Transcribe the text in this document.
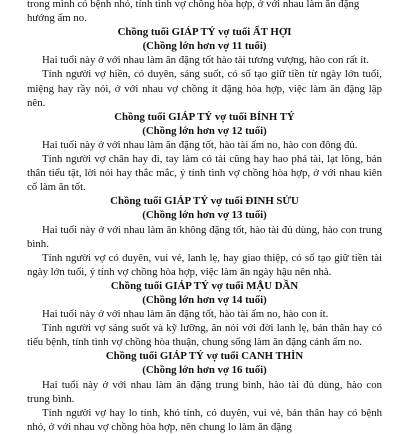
trong mình có bệnh nhỏ, tính tình vợ chồng hòa hợp, ở với nhau làm ăn đặng
hướng ấm no.
Chồng tuổi GIÁP TÝ vợ tuổi ẤT HỢI
(Chồng lớn hơn vợ 11 tuổi)

Hai tuổi này ở với nhau làm ăn đặng tốt hào tài tương vượng, hào con rất ít.

Tính người vợ hiền, có duyên, sáng suốt, có số tạo giữ tiền từ ngày lớn tuổi, miệng hay rầy nói, ở với nhau vợ chồng ít đặng hòa hợp, việc làm ăn đặng lập nên.

Chồng tuổi GIÁP TÝ vợ tuổi BÍNH TÝ
(Chồng lớn hơn vợ 12 tuổi)

Hai tuổi này ở với nhau làm ăn đặng tốt, hào tài ấm no, hào con đông đủ.

Tính người vợ chân hay đi, tay làm có tài cũng hay hao phá tài, lạt lõng, bản thân tiểu tật, lời nói hay thắc mắc, ý tính tình vợ chồng hòa hợp, ở với nhau kiên cố làm ăn tốt.

Chồng tuổi GIÁP TÝ vợ tuổi ĐINH SỬU
(Chồng lớn hơn vợ 13 tuổi)

Hai tuổi này ở với nhau làm ăn không đặng tốt, hào tài đủ dùng, hào con trung bình.

Tính người vợ có duyên, vui vẻ, lanh lẹ, hay giao thiệp, có số tạo giữ tiền tài ngày lớn tuổi, ý tính vợ chồng hòa hợp, việc làm ăn ngày hậu nên nhà.

Chồng tuổi GIÁP TÝ vợ tuổi MẬU DẦN
(Chồng lớn hơn vợ 14 tuổi)

Hai tuổi này ở với nhau làm ăn đặng tốt, hào tài ấm no, hào con ít.

Tính người vợ sáng suốt và kỹ lưỡng, ăn nói với đời lanh lẹ, bản thân hay có tiểu bệnh, tính tình vợ chồng hòa thuận, chung sống làm ăn đặng cảnh ấm no.

Chồng tuổi GIÁP TÝ vợ tuổi CANH THÌN
(Chồng lớn hơn vợ 16 tuổi)

Hai tuổi này ở với nhau làm ăn đặng trung bình, hào tài đủ dùng, hào con trung bình.

Tính người vợ hay lo tính, khó tính, có duyên, vui vẻ, bản thân hay có bệnh nhỏ, ở với nhau vợ chồng hòa hợp, nên chung lo làm ăn đặng
